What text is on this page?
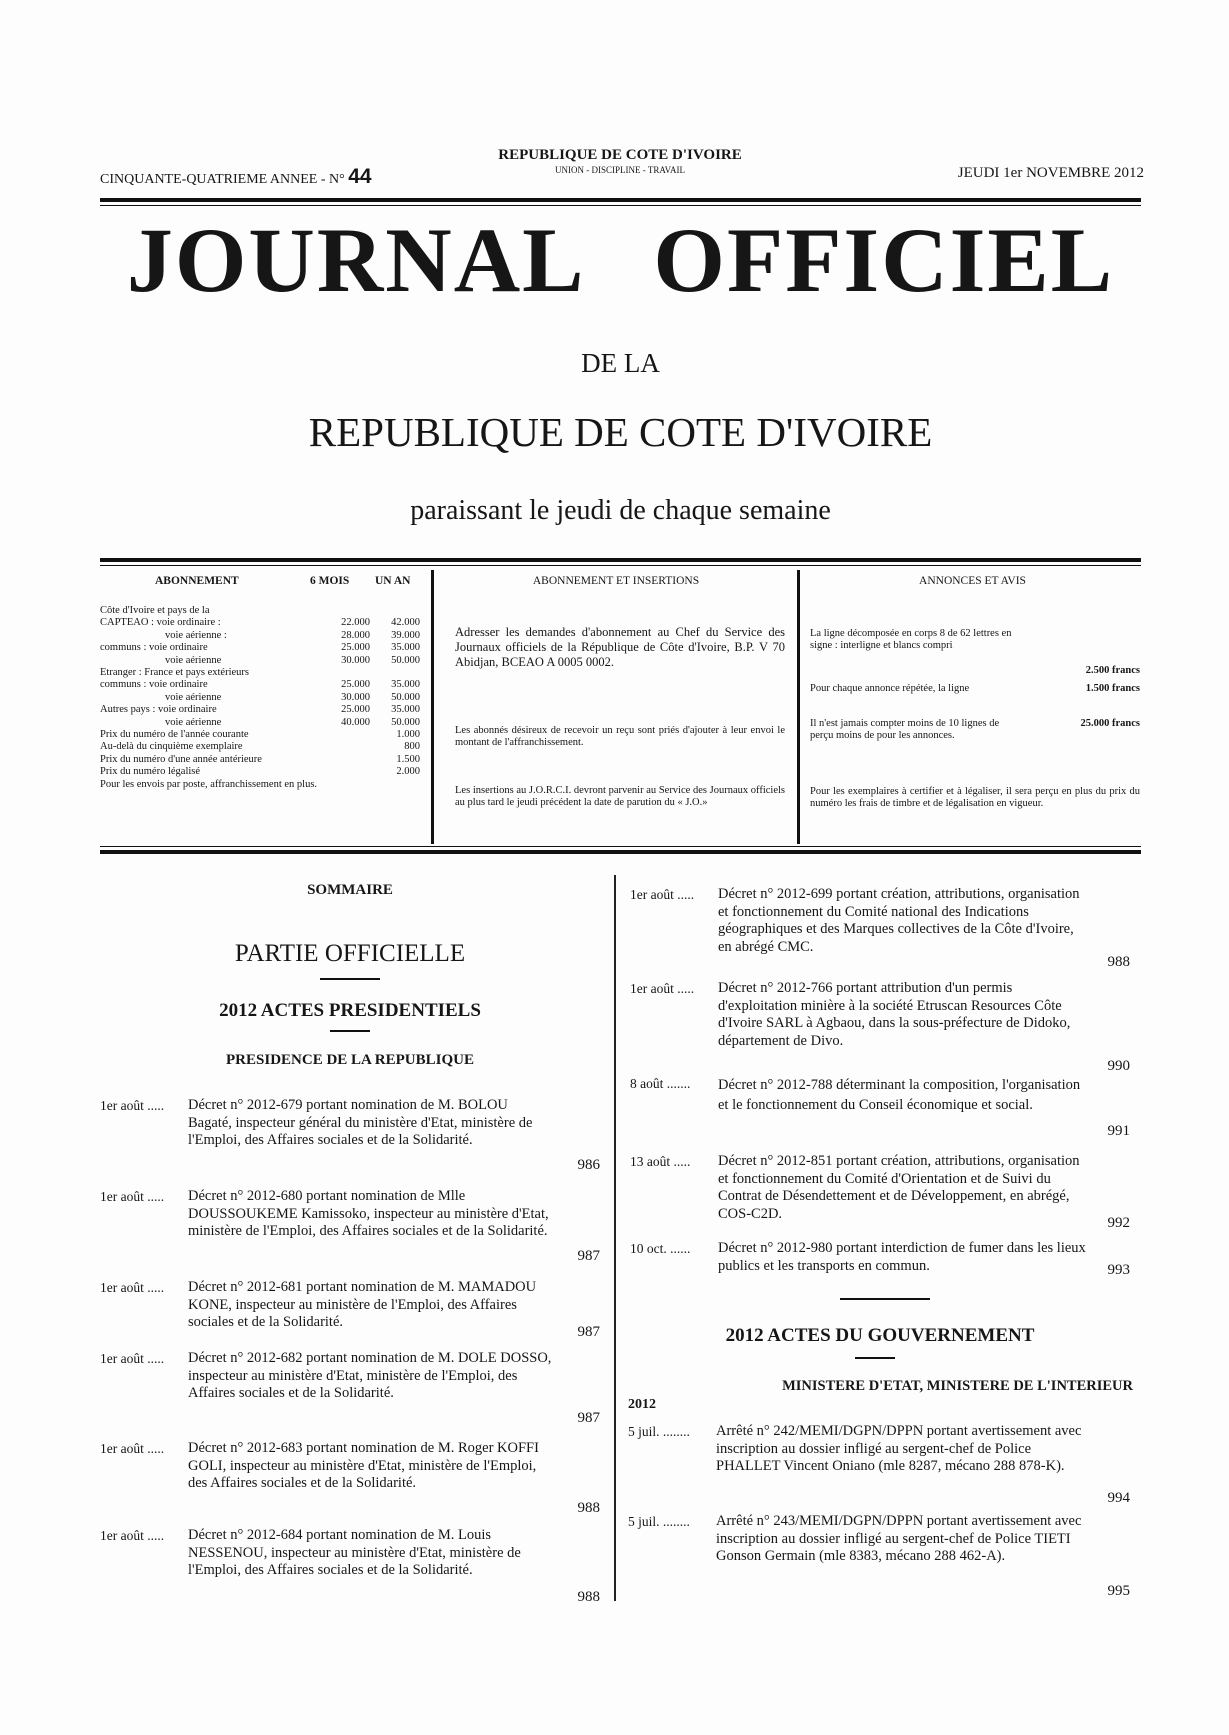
CINQUANTE-QUATRIEME ANNEE - N° 44
REPUBLIQUE DE COTE D'IVOIRE
UNION - DISCIPLINE - TRAVAIL	JEUDI 1er NOVEMBRE 2012
JOURNAL OFFICIEL
DE LA
REPUBLIQUE DE COTE D'IVOIRE
paraissant le jeudi de chaque semaine
ABONNEMENT	6 MOIS UN AN
Côte d'Ivoire et pays de la
CAPTEAO : voie ordinaire :	22.000	42.000
voie aérienne :	28.000	39.000
communs : voie ordinaire	25.000	35.000
voie aérienne	30.000	50.000
Etranger : France et pays extérieurs
communs : voie ordinaire	25.000	35.000
voie aérienne	30.000	50.000
Autres pays : voie ordinaire	25.000	35.000
voie aérienne	40.000	50.000
Prix du numéro de l'année courante	1.000
Au-delà du cinquième exemplaire	800
Prix du numéro d'une année antérieure	1.500
Prix du numéro légalisé	2.000
Pour les envois par poste, affranchissement en plus.
ABONNEMENT ET INSERTIONS
Adresser les demandes d'abonnement au Chef du Service des Journaux officiels de la République de Côte d'Ivoire, B.P. V 70 Abidjan, BCEAO A 0005 0002.
Les abonnés désireux de recevoir un reçu sont priés d'ajouter à leur envoi le montant de l'affranchissement.
Les insertions au J.O.R.C.I. devront parvenir au Service des Journaux officiels au plus tard le jeudi précédent la date de parution du « J.O.»
ANNONCES ET AVIS
La ligne décomposée en corps 8 de 62 lettres en signe : interligne et blancs compri
2.500 francs
Pour chaque annonce répétée, la ligne	1.500 francs
Il n'est jamais compter moins de 10 lignes de perçu moins de pour les annonces.
25.000 francs
Pour les exemplaires à certifier et à légaliser, il sera perçu en plus du prix du numéro les frais de timbre et de légalisation en vigueur.
SOMMAIRE
PARTIE OFFICIELLE
2012 ACTES PRESIDENTIELS
PRESIDENCE DE LA REPUBLIQUE
1er août ..... Décret n° 2012-679 portant nomination de M. BOLOU Bagaté, inspecteur général du ministère d'Etat, ministère de l'Emploi, des Affaires sociales et de la Solidarité.
986
1er août ..... Décret n° 2012-680 portant nomination de Mlle DOUSSOUKEME Kamissoko, inspecteur au ministère d'Etat, ministère de l'Emploi, des Affaires sociales et de la Solidarité.
987
1er août ..... Décret n° 2012-681 portant nomination de M. MAMADOU KONE, inspecteur au ministère de l'Emploi, des Affaires sociales et de la Solidarité.
987
1er août ..... Décret n° 2012-682 portant nomination de M. DOLE DOSSO, inspecteur au ministère d'Etat, ministère de l'Emploi, des Affaires sociales et de la Solidarité.
987
1er août ..... Décret n° 2012-683 portant nomination de M. Roger KOFFI GOLI, inspecteur au ministère d'Etat, ministère de l'Emploi, des Affaires sociales et de la Solidarité.
988
1er août ..... Décret n° 2012-684 portant nomination de M. Louis NESSENOU, inspecteur au ministère d'Etat, ministère de l'Emploi, des Affaires sociales et de la Solidarité.
988
1er août ..... Décret n° 2012-699 portant création, attributions, organisation et fonctionnement du Comité national des Indications géographiques et des Marques collectives de la Côte d'Ivoire, en abrégé CMC.
988
1er août ..... Décret n° 2012-766 portant attribution d'un permis d'exploitation minière à la société Etruscan Resources Côte d'Ivoire SARL à Agbaou, dans la sous-préfecture de Didoko, département de Divo.
990
8 août ....... Décret n° 2012-788 déterminant la composition, l'organisation et le fonctionnement du Conseil économique et social.
991
13 août ..... Décret n° 2012-851 portant création, attributions, organisation et fonctionnement du Comité d'Orientation et de Suivi du Contrat de Désendettement et de Développement, en abrégé, COS-C2D.
992
10 oct. ...... Décret n° 2012-980 portant interdiction de fumer dans les lieux publics et les transports en commun.	993
2012 ACTES DU GOUVERNEMENT
MINISTERE D'ETAT, MINISTERE DE L'INTERIEUR
2012
5 juil. ........ Arrêté n° 242/MEMI/DGPN/DPPN portant avertissement avec inscription au dossier infligé au sergent-chef de Police PHALLET Vincent Oniano (mle 8287, mécano 288 878-K).
994
5 juil. ........ Arrêté n° 243/MEMI/DGPN/DPPN portant avertissement avec inscription au dossier infligé au sergent-chef de Police TIETI Gonson Germain (mle 8383, mécano 288 462-A).
995
